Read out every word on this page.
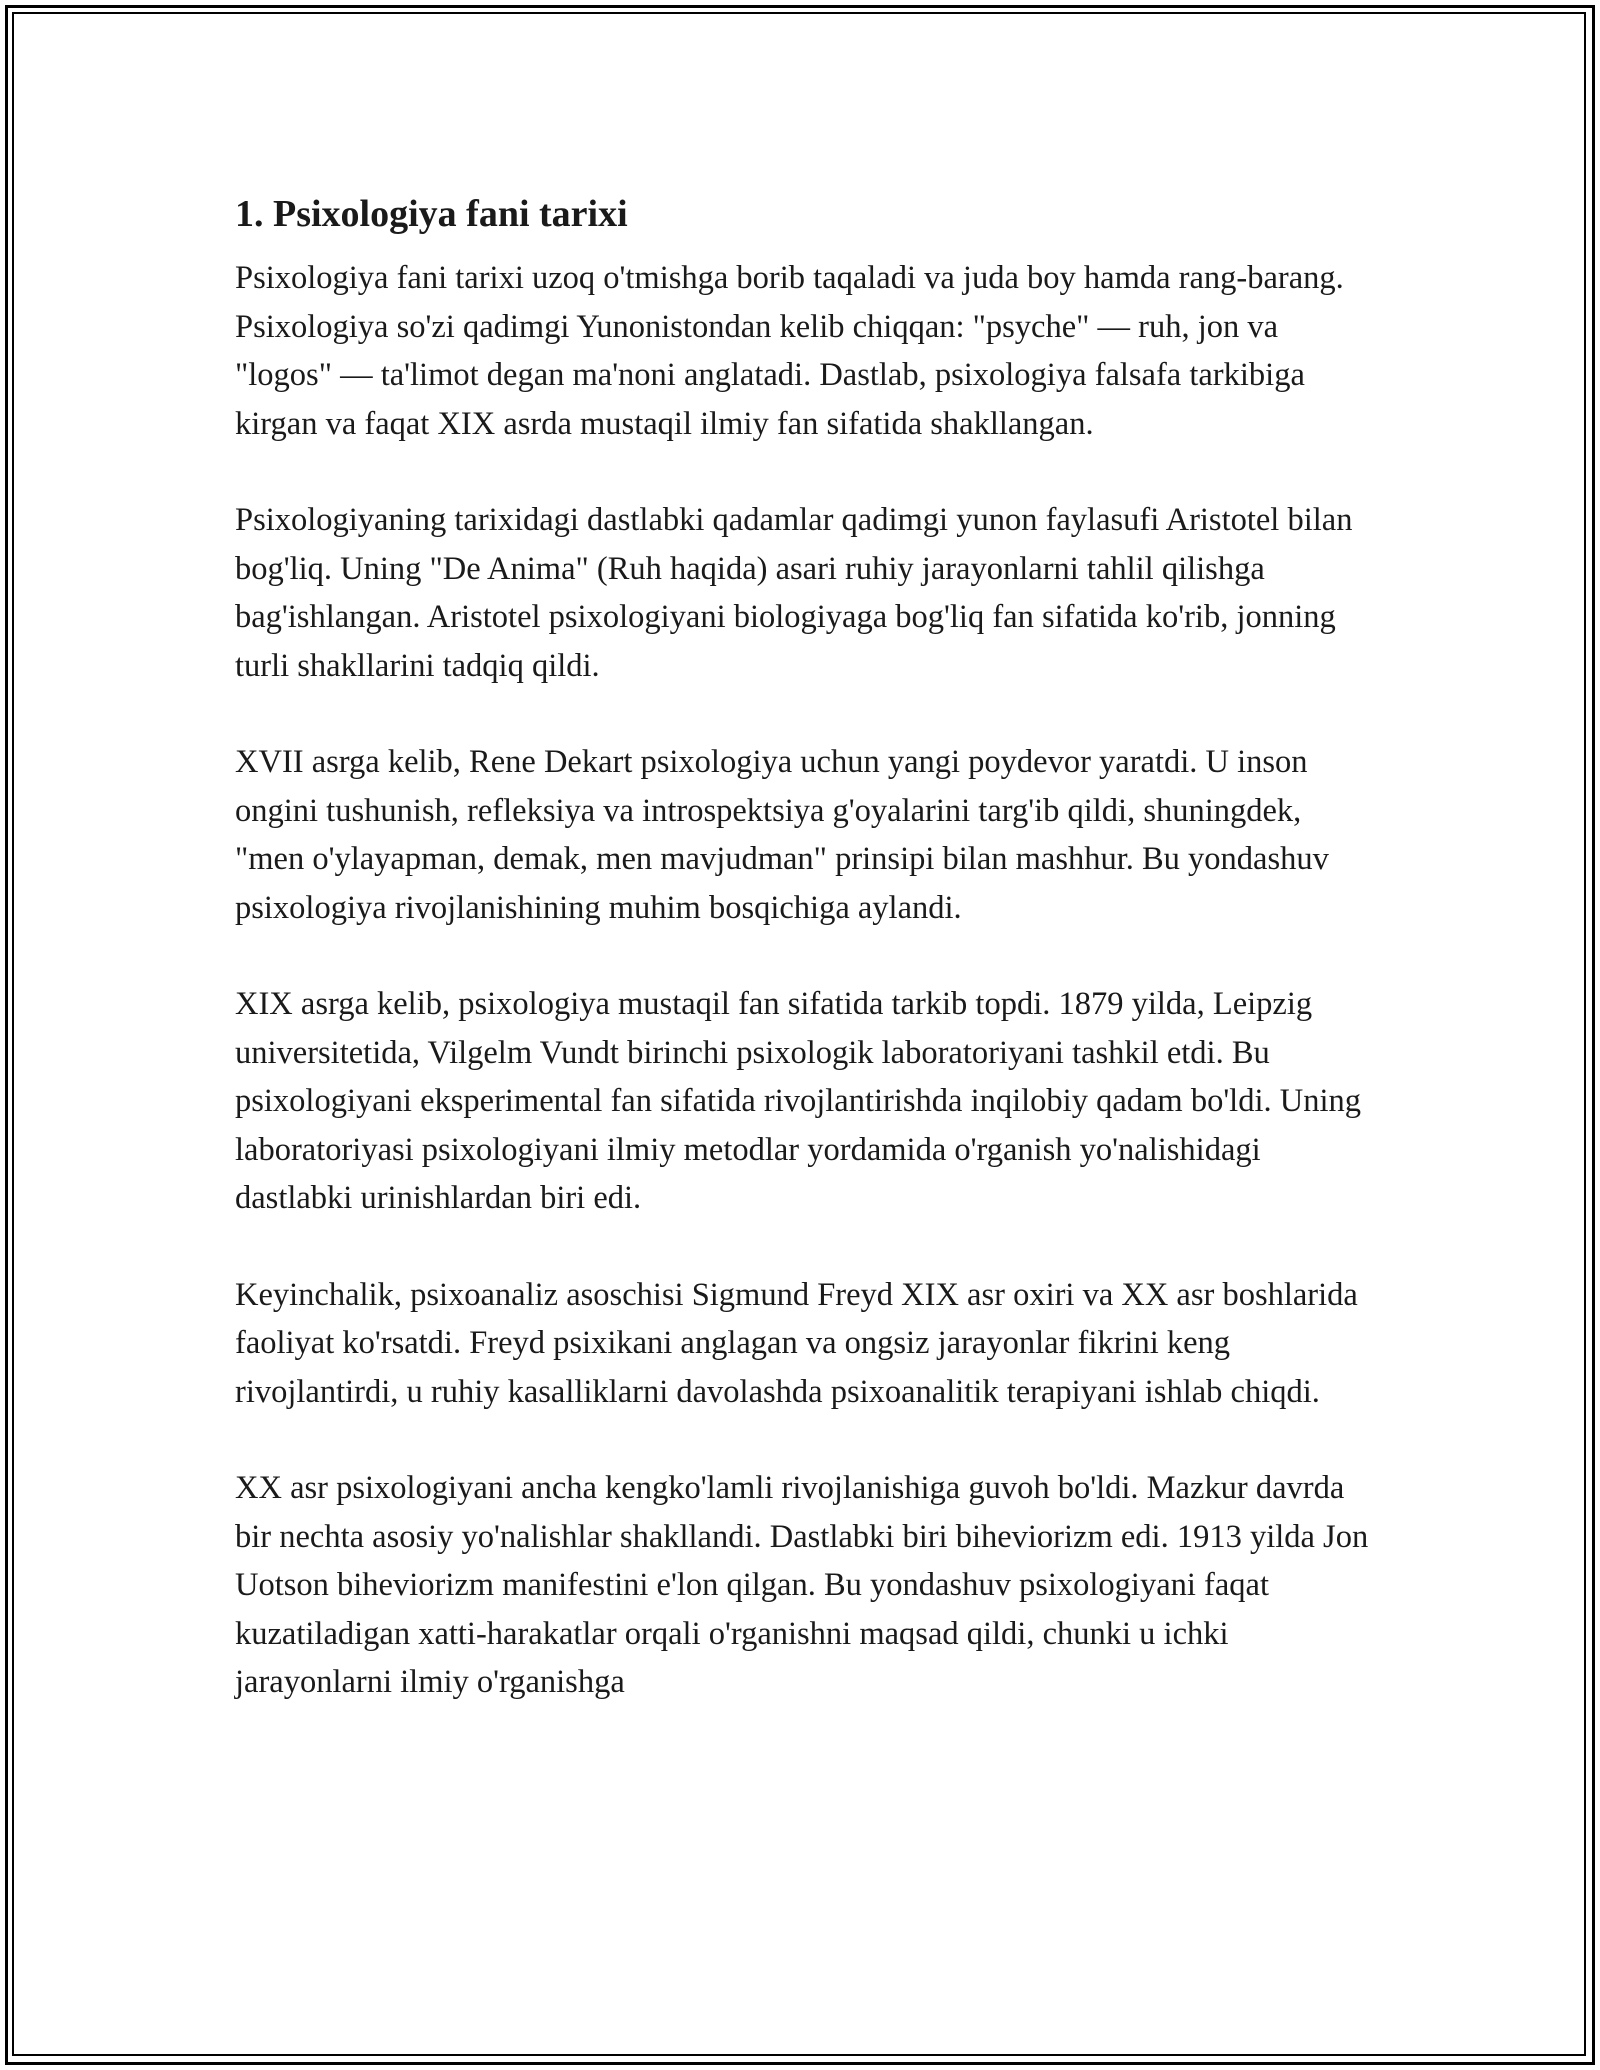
1. Psixologiya fani tarixi

Psixologiya fani tarixi uzoq o'tmishga borib taqaladi va juda boy hamda rang-barang. Psixologiya so'zi qadimgi Yunonistondan kelib chiqqan: "psyche" — ruh, jon va "logos" — ta'limot degan ma'noni anglatadi. Dastlab, psixologiya falsafa tarkibiga kirgan va faqat XIX asrda mustaqil ilmiy fan sifatida shakllangan.

Psixologiyaning tarixidagi dastlabki qadamlar qadimgi yunon faylasufi Aristotel bilan bog'liq. Uning "De Anima" (Ruh haqida) asari ruhiy jarayonlarni tahlil qilishga bag'ishlangan. Aristotel psixologiyani biologiyaga bog'liq fan sifatida ko'rib, jonning turli shakllarini tadqiq qildi.

XVII asrga kelib, Rene Dekart psixologiya uchun yangi poydevor yaratdi. U inson ongini tushunish, refleksiya va introspektsiya g'oyalarini targ'ib qildi, shuningdek, "men o'ylayapman, demak, men mavjudman" prinsipi bilan mashhur. Bu yondashuv psixologiya rivojlanishining muhim bosqichiga aylandi.

XIX asrga kelib, psixologiya mustaqil fan sifatida tarkib topdi. 1879 yilda, Leipzig universitetida, Vilgelm Vundt birinchi psixologik laboratoriyani tashkil etdi. Bu psixologiyani eksperimental fan sifatida rivojlantirishda inqilobiy qadam bo'ldi. Uning laboratoriyasi psixologiyani ilmiy metodlar yordamida o'rganish yo'nalishidagi dastlabki urinishlardan biri edi.

Keyinchalik, psixoanaliz asoschisi Sigmund Freyd XIX asr oxiri va XX asr boshlarida faoliyat ko'rsatdi. Freyd psixikani anglagan va ongsiz jarayonlar fikrini keng rivojlantirdi, u ruhiy kasalliklarni davolashda psixoanalitik terapiyani ishlab chiqdi.

XX asr psixologiyani ancha kengko'lamli rivojlanishiga guvoh bo'ldi. Mazkur davrda bir nechta asosiy yo'nalishlar shakllandi. Dastlabki biri biheviorizm edi. 1913 yilda Jon Uotson biheviorizm manifestini e'lon qilgan. Bu yondashuv psixologiyani faqat kuzatiladigan xatti-harakatlar orqali o'rganishni maqsad qildi, chunki u ichki jarayonlarni ilmiy o'rganishga
